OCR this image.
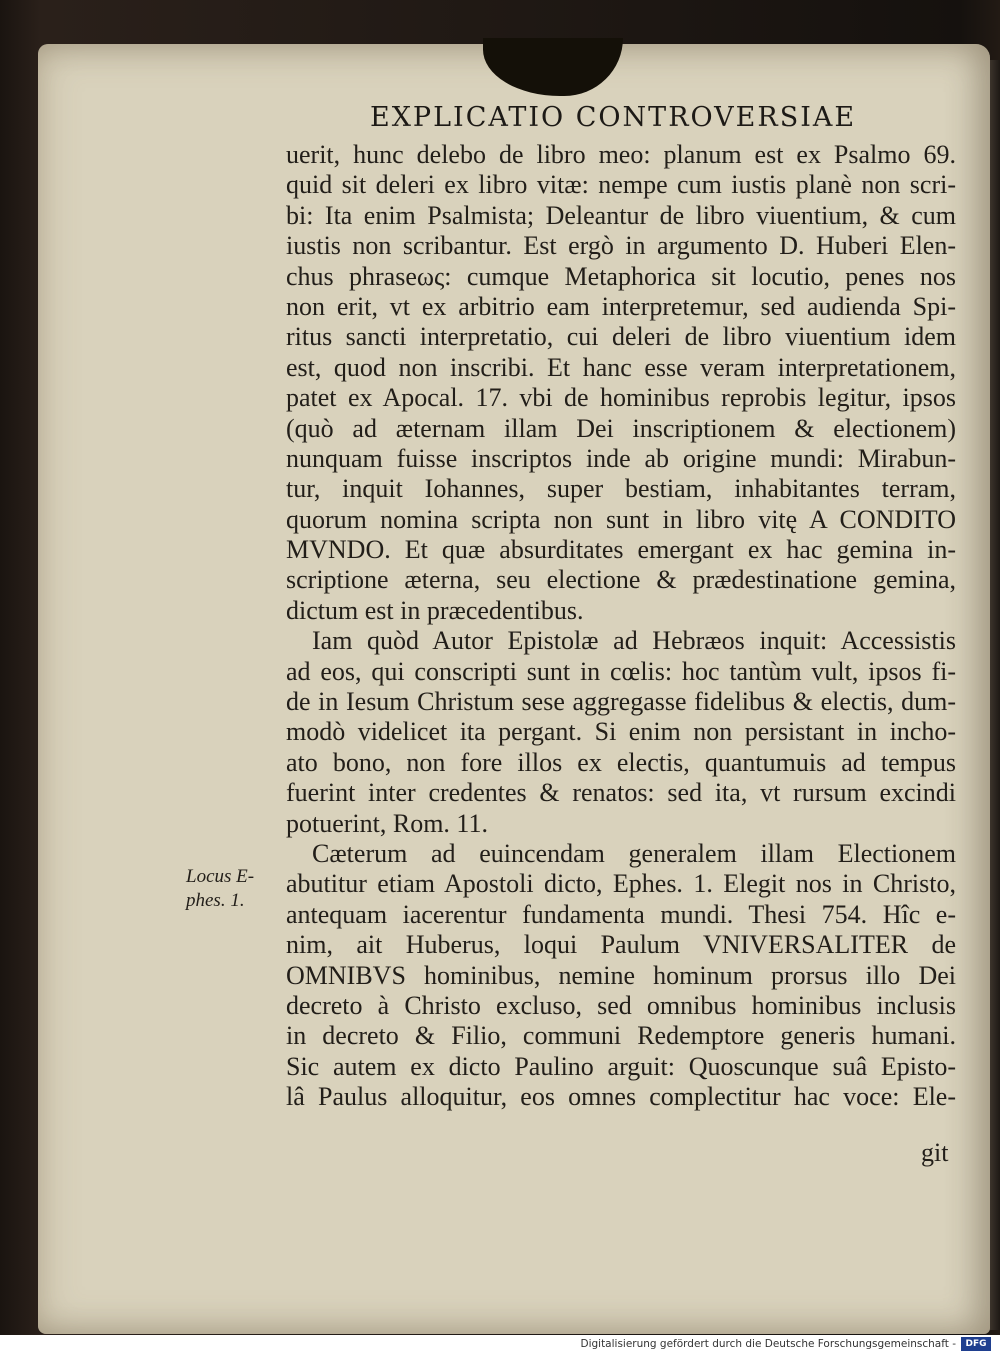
EXPLICATIO CONTROVERSIAE
Locus E-
phes. 1.
uerit, hunc delebo de libro meo: planum est ex Psalmo 69.
quid sit deleri ex libro vitæ: nempe cum iustis planè non scri-
bi: Ita enim Psalmista; Deleantur de libro viuentium, & cum
iustis non scribantur. Est ergò in argumento D. Huberi Elen-
chus phraseως: cumque Metaphorica sit locutio, penes nos
non erit, vt ex arbitrio eam interpretemur, sed audienda Spi-
ritus sancti interpretatio, cui deleri de libro viuentium idem
est, quod non inscribi. Et hanc esse veram interpretationem,
patet ex Apocal. 17. vbi de hominibus reprobis legitur, ipsos
(quò ad æternam illam Dei inscriptionem & electionem)
nunquam fuisse inscriptos inde ab origine mundi: Mirabun-
tur, inquit Iohannes, super bestiam, inhabitantes terram,
quorum nomina scripta non sunt in libro vitę A CONDITO
MVNDO. Et quæ absurditates emergant ex hac gemina in-
scriptione æterna, seu electione & prædestinatione gemina,
dictum est in præcedentibus.
Iam quòd Autor Epistolæ ad Hebræos inquit: Accessistis
ad eos, qui conscripti sunt in cœlis: hoc tantùm vult, ipsos fi-
de in Iesum Christum sese aggregasse fidelibus & electis, dum-
modò videlicet ita pergant. Si enim non persistant in incho-
ato bono, non fore illos ex electis, quantumuis ad tempus
fuerint inter credentes & renatos: sed ita, vt rursum excindi
potuerint, Rom. 11.
Cæterum ad euincendam generalem illam Electionem
abutitur etiam Apostoli dicto, Ephes. 1. Elegit nos in Christo,
antequam iacerentur fundamenta mundi. Thesi 754. Hîc e-
nim, ait Huberus, loqui Paulum VNIVERSALITER de
OMNIBVS hominibus, nemine hominum prorsus illo Dei
decreto à Christo excluso, sed omnibus hominibus inclusis
in decreto & Filio, communi Redemptore generis humani.
Sic autem ex dicto Paulino arguit: Quoscunque suâ Episto-
lâ Paulus alloquitur, eos omnes complectitur hac voce: Ele-
git
Digitalisierung gefördert durch die Deutsche Forschungsgemeinschaft -	DFG
